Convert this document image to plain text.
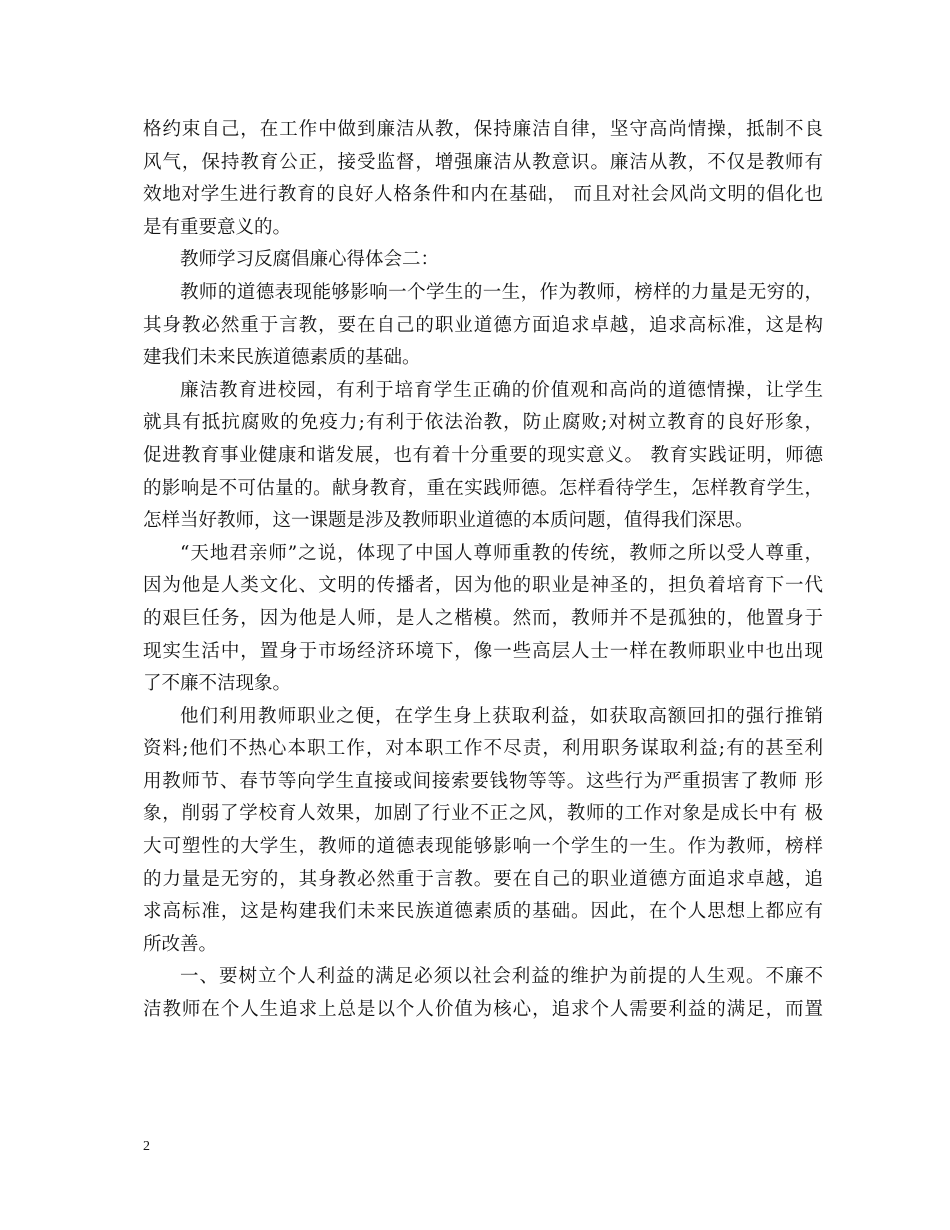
格约束自己，在工作中做到廉洁从教，保持廉洁自律，坚守高尚情操，抵制不良
风气，保持教育公正，接受监督，增强廉洁从教意识。廉洁从教，不仅是教师有
效地对学生进行教育的良好人格条件和内在基础， 而且对社会风尚文明的倡化也
是有重要意义的。
教师学习反腐倡廉心得体会二：
教师的道德表现能够影响一个学生的一生，作为教师，榜样的力量是无穷的，
其身教必然重于言教，要在自己的职业道德方面追求卓越，追求高标准，这是构
建我们未来民族道德素质的基础。
廉洁教育进校园，有利于培育学生正确的价值观和高尚的道德情操，让学生
就具有抵抗腐败的免疫力;有利于依法治教，防止腐败;对树立教育的良好形象，
促进教育事业健康和谐发展，也有着十分重要的现实意义。 教育实践证明，师德
的影响是不可估量的。献身教育，重在实践师德。怎样看待学生，怎样教育学生，
怎样当好教师，这一课题是涉及教师职业道德的本质问题，值得我们深思。
“天地君亲师”之说，体现了中国人尊师重教的传统，教师之所以受人尊重，
因为他是人类文化、文明的传播者，因为他的职业是神圣的，担负着培育下一代
的艰巨任务，因为他是人师，是人之楷模。然而，教师并不是孤独的，他置身于
现实生活中，置身于市场经济环境下，像一些高层人士一样在教师职业中也出现
了不廉不洁现象。
他们利用教师职业之便，在学生身上获取利益，如获取高额回扣的强行推销
资料;他们不热心本职工作，对本职工作不尽责，利用职务谋取利益;有的甚至利
用教师节、春节等向学生直接或间接索要钱物等等。这些行为严重损害了教师 形
象，削弱了学校育人效果，加剧了行业不正之风，教师的工作对象是成长中有 极
大可塑性的大学生，教师的道德表现能够影响一个学生的一生。作为教师，榜样
的力量是无穷的，其身教必然重于言教。要在自己的职业道德方面追求卓越，追
求高标准，这是构建我们未来民族道德素质的基础。因此，在个人思想上都应有
所改善。
一、要树立个人利益的满足必须以社会利益的维护为前提的人生观。不廉不
洁教师在个人生追求上总是以个人价值为核心，追求个人需要利益的满足，而置
2
